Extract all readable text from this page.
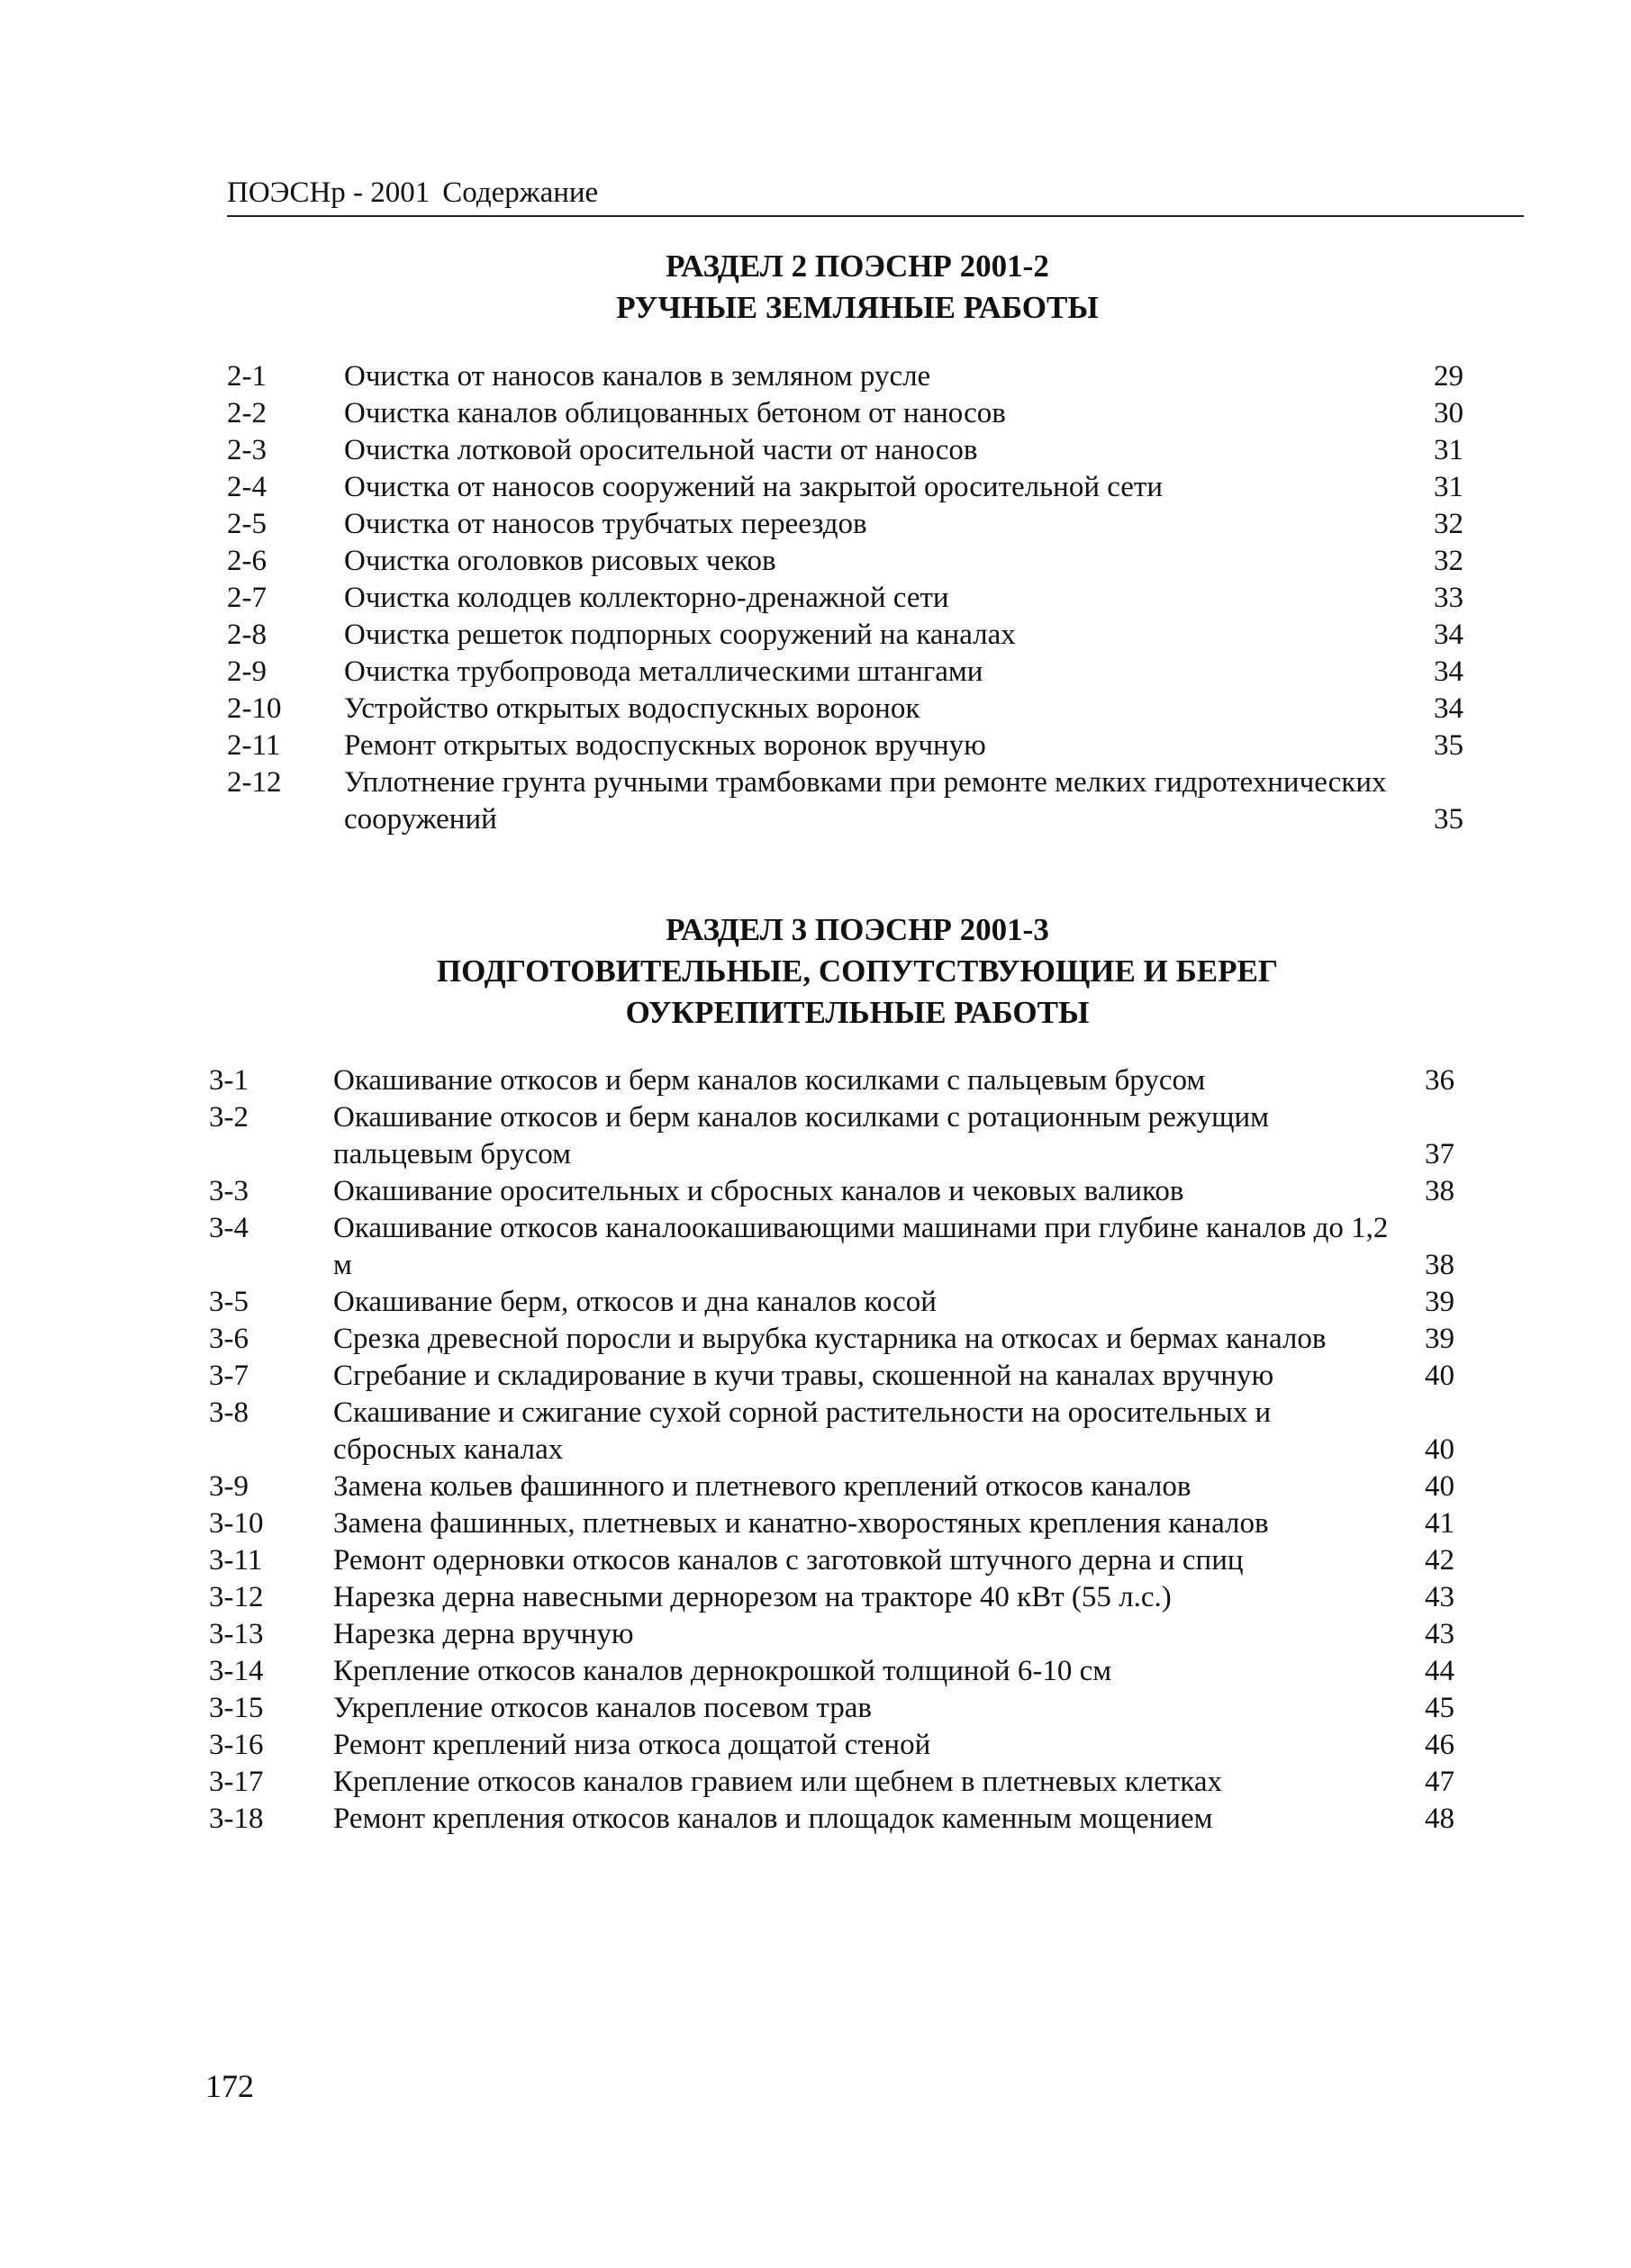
ПОЭСНр - 2001 Содержание
РАЗДЕЛ 2 ПОЭСНР 2001-2
РУЧНЫЕ ЗЕМЛЯНЫЕ РАБОТЫ
2-1	Очистка от наносов каналов в земляном русле	29
2-2	Очистка каналов облицованных бетоном от наносов	30
2-3	Очистка лотковой оросительной части от наносов	31
2-4	Очистка от наносов сооружений на закрытой оросительной сети	31
2-5	Очистка от наносов трубчатых переездов	32
2-6	Очистка оголовков рисовых чеков	32
2-7	Очистка колодцев коллекторно-дренажной сети	33
2-8	Очистка решеток подпорных сооружений на каналах	34
2-9	Очистка трубопровода металлическими штангами	34
2-10 Устройство открытых водоспускных воронок	34
2-11 Ремонт открытых водоспускных воронок вручную	35
2-12 Уплотнение грунта ручными трамбовками при ремонте мелких гидротехнических сооружений	35
РАЗДЕЛ 3 ПОЭСНР 2001-3
ПОДГОТОВИТЕЛЬНЫЕ, СОПУТСТВУЮЩИЕ И БЕРЕГ
ОУКРЕПИТЕЛЬНЫЕ РАБОТЫ
3-1	Окашивание откосов и берм каналов косилками с пальцевым брусом	36
3-2	Окашивание откосов и берм каналов косилками с ротационным режущим пальцевым брусом	37
3-3	Окашивание оросительных и сбросных каналов и чековых валиков	38
3-4	Окашивание откосов каналоокашивающими машинами при глубине каналов до 1,2 м	38
3-5	Окашивание берм, откосов и дна каналов косой	39
3-6	Срезка древесной поросли и вырубка кустарника на откосах и бермах каналов	39
3-7	Сгребание и складирование в кучи травы, скошенной на каналах вручную	40
3-8	Скашивание и сжигание сухой сорной растительности на оросительных и сбросных каналах	40
3-9	Замена кольев фашинного и плетневого креплений откосов каналов	40
3-10 Замена фашинных, плетневых и канатно-хворостяных крепления каналов	41
3-11 Ремонт одерновки откосов каналов с заготовкой штучного дерна и спиц	42
3-12 Нарезка дерна навесными дернорезом на тракторе 40 кВт (55 л.с.)	43
3-13 Нарезка дерна вручную	43
3-14 Крепление откосов каналов дернокрошкой толщиной 6-10 см	44
3-15 Укрепление откосов каналов посевом трав	45
3-16 Ремонт креплений низа откоса дощатой стеной	46
3-17 Крепление откосов каналов гравием или щебнем в плетневых клетках	47
3-18 Ремонт крепления откосов каналов и площадок каменным мощением	48
172
